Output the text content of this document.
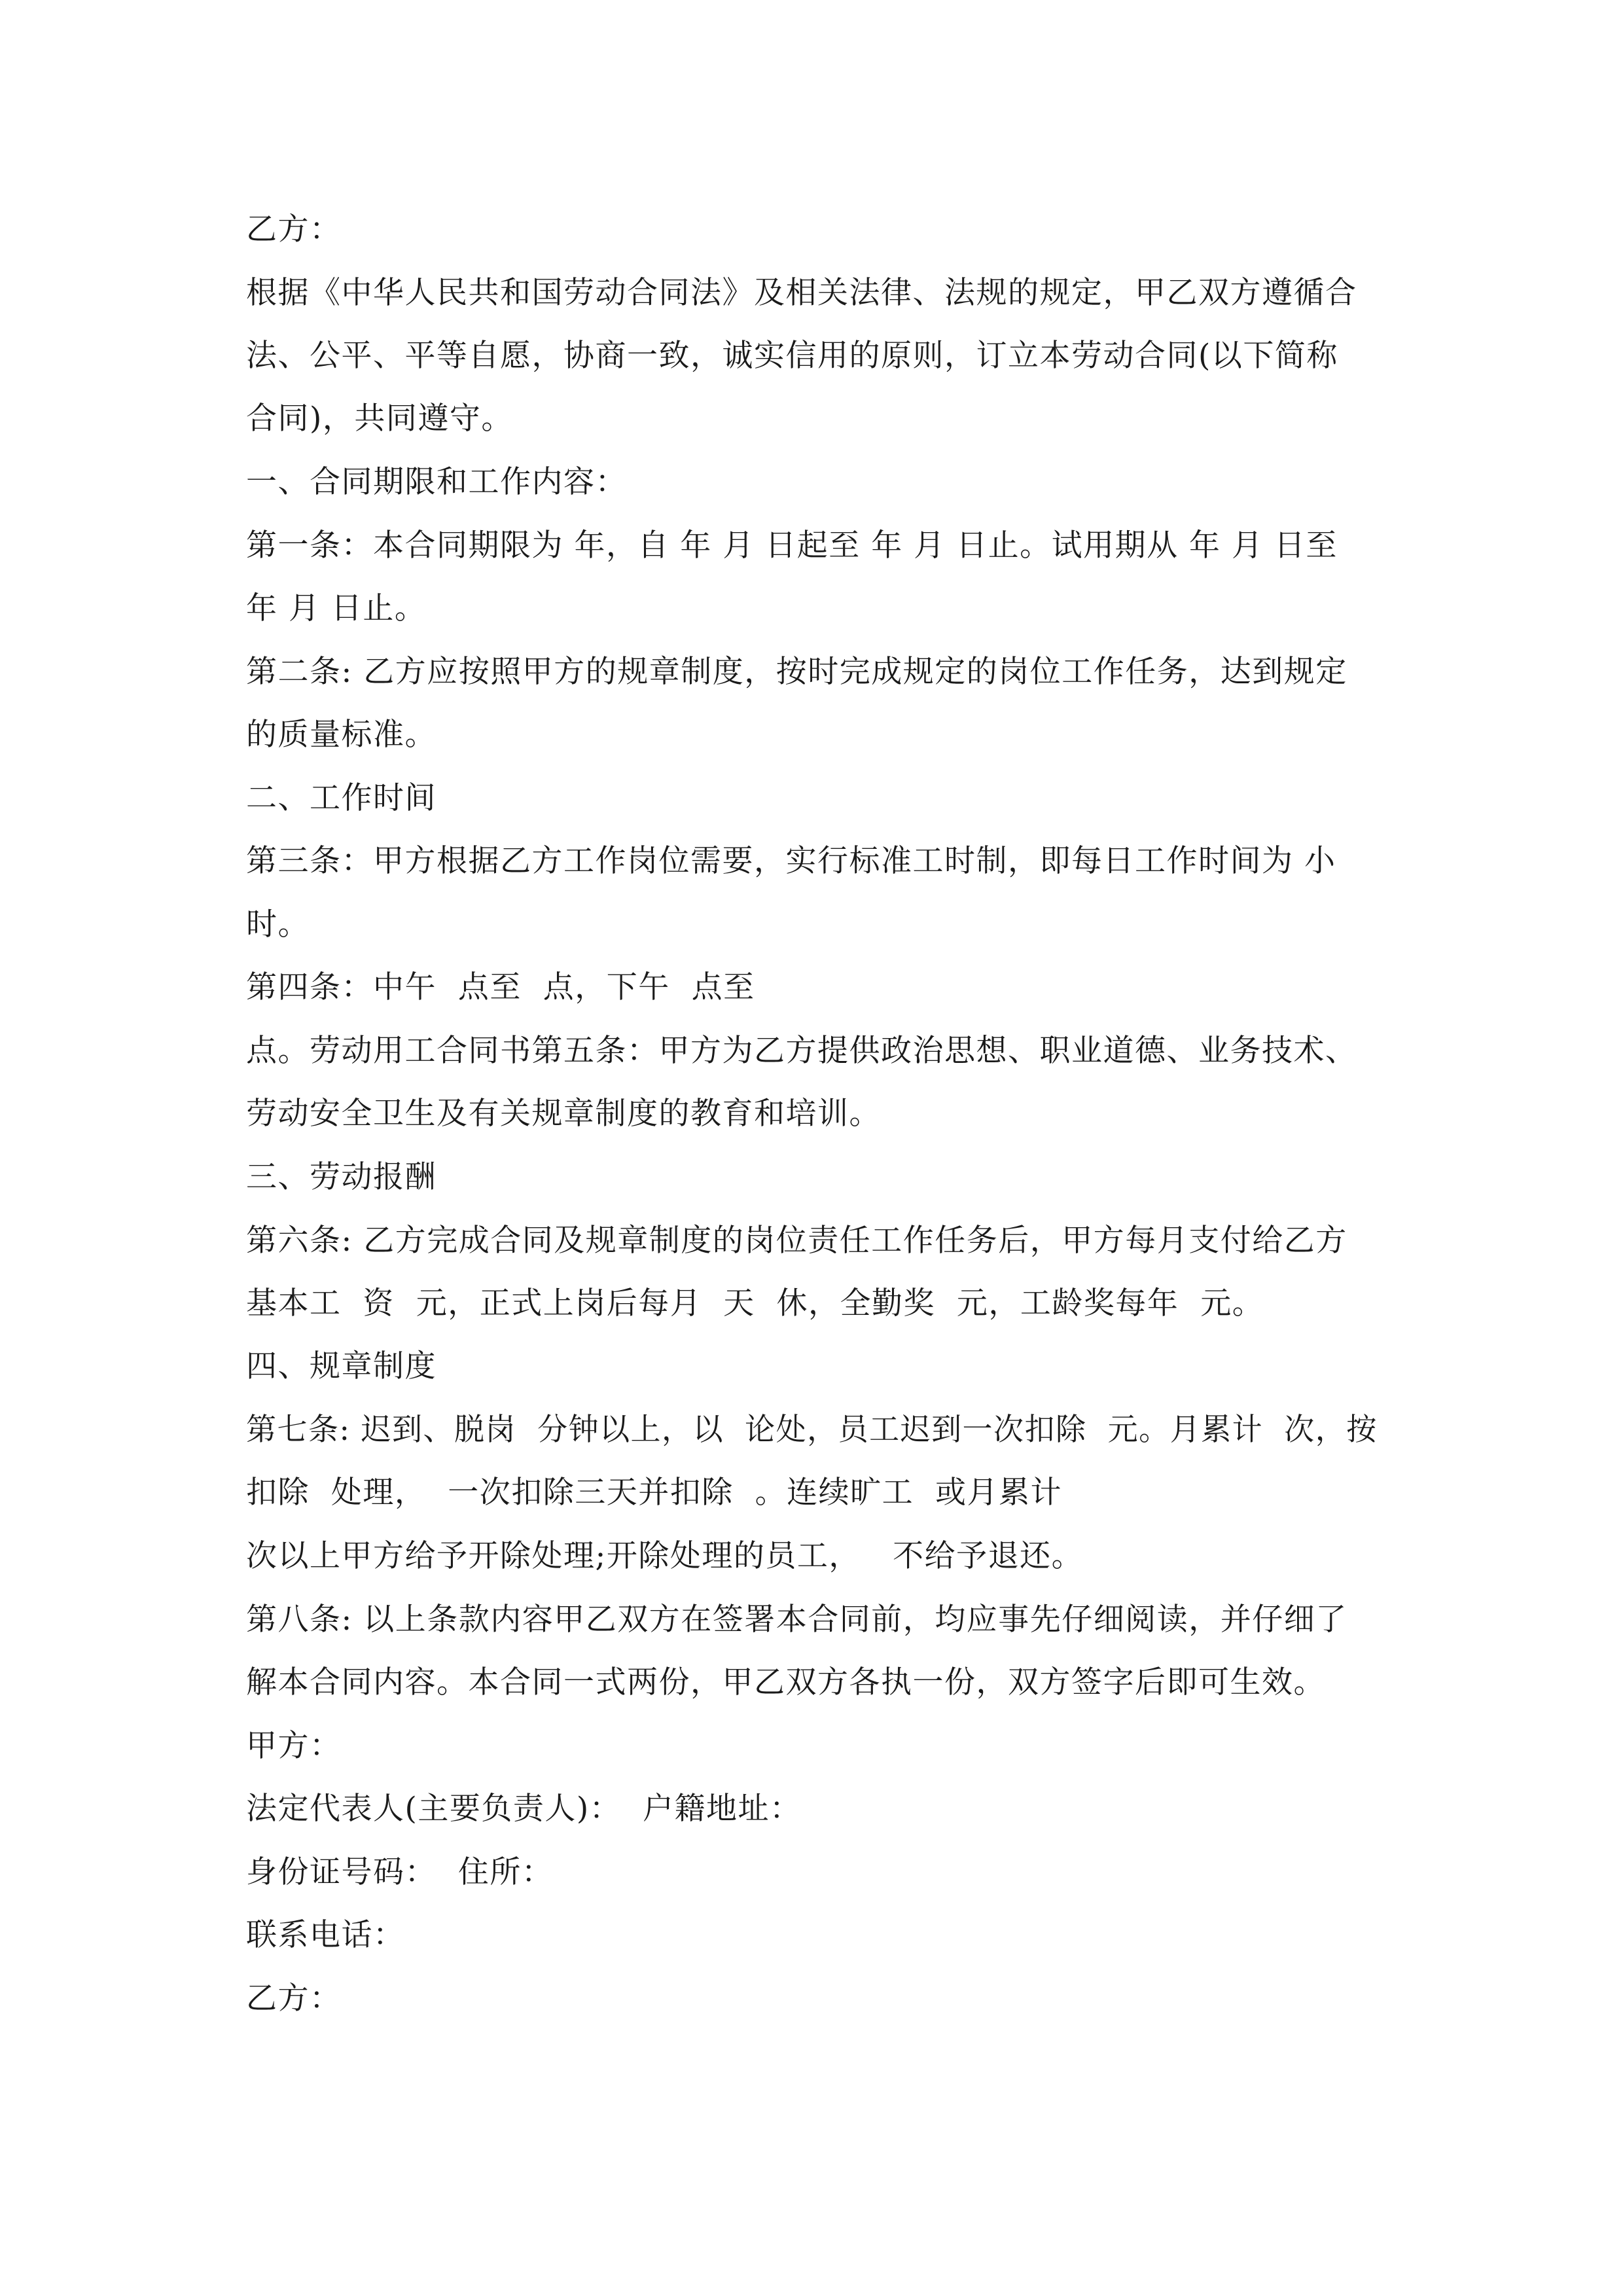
乙方：
根据《中华人民共和国劳动合同法》及相关法律、法规的规定，甲乙双方遵循合
法、公平、平等自愿，协商一致，诚实信用的原则，订立本劳动合同(以下简称
合同)，共同遵守。
一、合同期限和工作内容：
第一条：本合同期限为 年，自 年 月 日起至 年 月 日止。试用期从 年 月 日至
年 月 日止。
第二条: 乙方应按照甲方的规章制度，按时完成规定的岗位工作任务，达到规定
的质量标准。
二、工作时间
第三条：甲方根据乙方工作岗位需要，实行标准工时制，即每日工作时间为 小
时。
第四条：中午  点至  点，下午  点至
点。劳动用工合同书第五条：甲方为乙方提供政治思想、职业道德、业务技术、
劳动安全卫生及有关规章制度的教育和培训。
三、劳动报酬
第六条: 乙方完成合同及规章制度的岗位责任工作任务后，甲方每月支付给乙方
基本工  资  元，正式上岗后每月  天  休，全勤奖  元，工龄奖每年  元。
四、规章制度
第七条: 迟到、脱岗  分钟以上，以  论处，员工迟到一次扣除  元。月累计  次，按
扣除  处理，  一次扣除三天并扣除  。连续旷工  或月累计
次以上甲方给予开除处理;开除处理的员工，   不给予退还。
第八条: 以上条款内容甲乙双方在签署本合同前，均应事先仔细阅读，并仔细了
解本合同内容。本合同一式两份，甲乙双方各执一份，双方签字后即可生效。
甲方：
法定代表人(主要负责人)：  户籍地址：
身份证号码：  住所：
联系电话：
乙方：
